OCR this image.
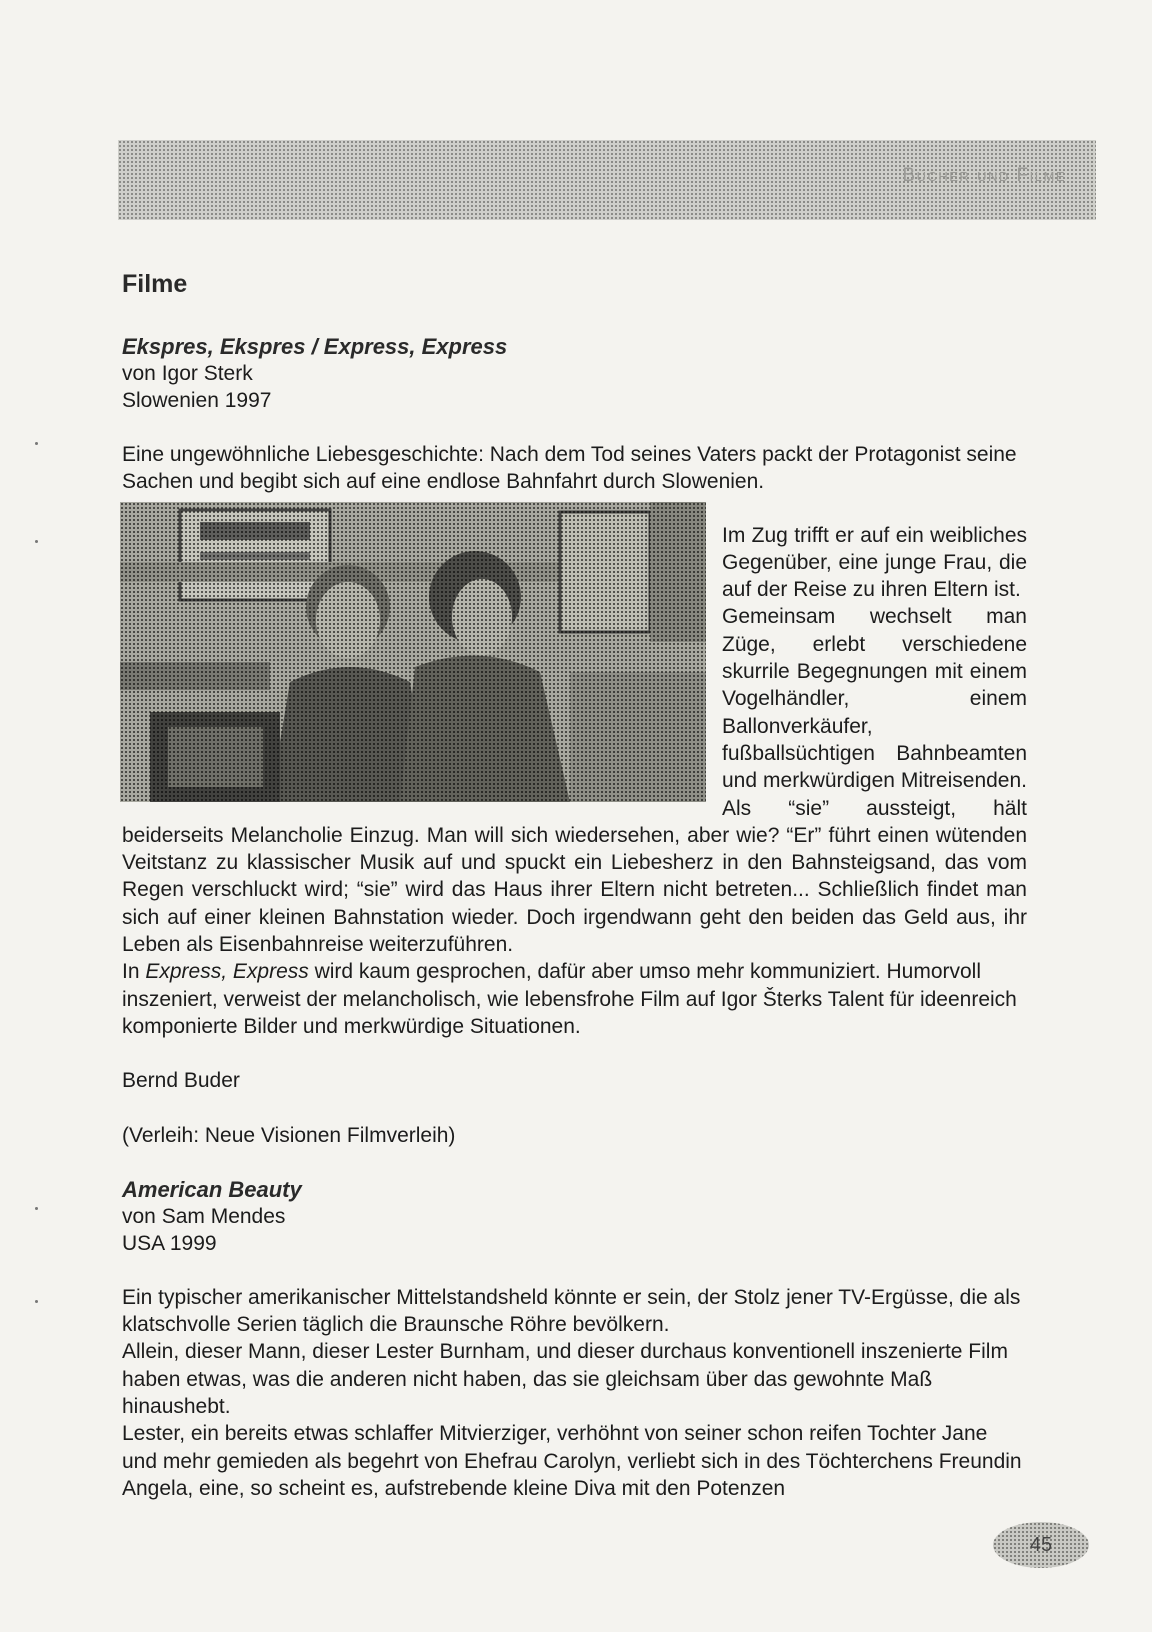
Bücher und Filme
Filme

Ekspres, Ekspres / Express, Express

von Igor Sterk

Slowenien 1997

Eine ungewöhnliche Liebesgeschichte: Nach dem Tod seines Vaters packt der Protagonist seine Sachen und begibt sich auf eine endlose Bahnfahrt durch Slowenien.

Im Zug trifft er auf ein weibliches Gegenüber, eine junge Frau, die auf der Reise zu ihren Eltern ist.

Gemeinsam wechselt man Züge, erlebt verschiedene skurrile Begegnungen mit einem Vogelhändler, einem Ballonverkäufer, fußballsüchtigen Bahnbeamten und merkwürdigen Mitreisenden. Als “sie” aussteigt, hält beiderseits Melancholie Einzug. Man will sich wiedersehen, aber wie? “Er” führt einen wütenden Veitstanz zu klassischer Musik auf und spuckt ein Liebesherz in den Bahnsteigsand, das vom Regen verschluckt wird; “sie” wird das Haus ihrer Eltern nicht betreten... Schließlich findet man sich auf einer kleinen Bahnstation wieder. Doch irgendwann geht den beiden das Geld aus, ihr Leben als Eisenbahnreise weiterzuführen.

In Express, Express wird kaum gesprochen, dafür aber umso mehr kommuniziert. Humorvoll inszeniert, verweist der melancholisch, wie lebensfrohe Film auf Igor Šterks Talent für ideenreich komponierte Bilder und merkwürdige Situationen.

Bernd Buder

(Verleih: Neue Visionen Filmverleih)

American Beauty

von Sam Mendes

USA 1999

Ein typischer amerikanischer Mittelstandsheld könnte er sein, der Stolz jener TV-Ergüsse, die als klatschvolle Serien täglich die Braunsche Röhre bevölkern.

Allein, dieser Mann, dieser Lester Burnham, und dieser durchaus konventionell inszenierte Film haben etwas, was die anderen nicht haben, das sie gleichsam über das gewohnte Maß hinaushebt.

Lester, ein bereits etwas schlaffer Mitvierziger, verhöhnt von seiner schon reifen Tochter Jane und mehr gemieden als begehrt von Ehefrau Carolyn, verliebt sich in des Töchterchens Freundin Angela, eine, so scheint es, aufstrebende kleine Diva mit den Potenzen

45
